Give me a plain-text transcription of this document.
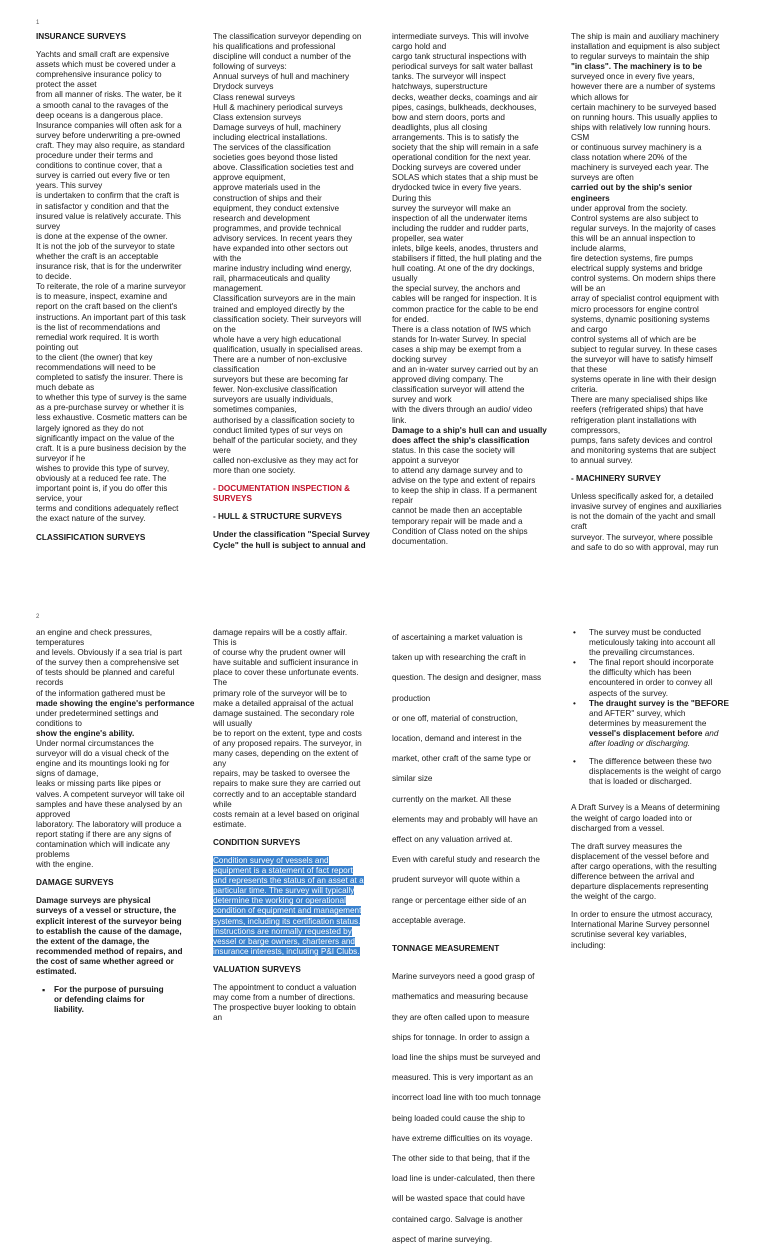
1

INSURANCE SURVEYS

Yachts and small craft are expensive
assets which must be covered under a
comprehensive insurance policy to
protect the asset
from all manner of risks. The water, be it
a smooth canal to the ravages of the
deep oceans is a dangerous place.
Insurance companies will often ask for a
survey before underwriting a pre-owned
craft. They may also require, as standard
procedure under their terms and
conditions to continue cover, that a
survey is carried out every five or ten
years. This survey
is undertaken to confirm that the craft is
in satisfactor y condition and that the
insured value is relatively accurate. This
survey
is done at the expense of the owner.
It is not the job of the surveyor to state
whether the craft is an acceptable
insurance risk, that is for the underwriter
to decide.
To reiterate, the role of a marine surveyor
is to measure, inspect, examine and
report on the craft based on the client's
instructions. An important part of this task
is the list of recommendations and
remedial work required. It is worth
pointing out
to the client (the owner) that key
recommendations will need to be
completed to satisfy the insurer. There is
much debate as
to whether this type of survey is the same
as a pre-purchase survey or whether it is
less exhaustive. Cosmetic matters can be
largely ignored as they do not
significantly impact on the value of the
craft. It is a pure business decision by the
surveyor if he
wishes to provide this type of survey,
obviously at a reduced fee rate. The
important point is, if you do offer this
service, your
terms and conditions adequately reflect
the exact nature of the survey.

CLASSIFICATION SURVEYS

The classification surveyor depending on
his qualifications and professional
discipline will conduct a number of the
following of surveys:
Annual surveys of hull and machinery
Drydock surveys
Class renewal surveys
Hull & machinery periodical surveys
Class extension surveys
Damage surveys of hull, machinery
including electrical installations.
The services of the classification
societies goes beyond those listed
above. Classification societies test and
approve equipment,
approve materials used in the
construction of ships and their
equipment, they conduct extensive
research and development
programmes, and provide technical
advisory services. In recent years they
have expanded into other sectors out
with the
marine industry including wind energy,
rail, pharmaceuticals and quality
management.
Classification surveyors are in the main
trained and employed directly by the
classification society. Their surveyors will
on the
whole have a very high educational
qualification, usually in specialised areas.
There are a number of non-exclusive
classification
surveyors but these are becoming far
fewer. Non-exclusive classification
surveyors are usually individuals,
sometimes companies,
authorised by a classification society to
conduct limited types of sur veys on
behalf of the particular society, and they
were
called non-exclusive as they may act for
more than one society.

- DOCUMENTATION INSPECTION &
SURVEYS

- HULL & STRUCTURE SURVEYS

Under the classification "Special Survey
Cycle" the hull is subject to annual and

intermediate surveys. This will involve
cargo hold and
cargo tank structural inspections with
periodical surveys for salt water ballast
tanks. The surveyor will inspect
hatchways, superstructure
decks, weather decks, coamings and air
pipes, casings, bulkheads, deckhouses,
bow and stern doors, ports and
deadlights, plus all closing
arrangements. This is to satisfy the
society that the ship will remain in a safe
operational condition for the next year.
Docking surveys are covered under
SOLAS which states that a ship must be
drydocked twice in every five years.
During this
survey the surveyor will make an
inspection of all the underwater items
including the rudder and rudder parts,
propeller, sea water
inlets, bilge keels, anodes, thrusters and
stabilisers if fitted, the hull plating and the
hull coating. At one of the dry dockings,
usually
the special survey, the anchors and
cables will be ranged for inspection. It is
common practice for the cable to be end
for ended.
There is a class notation of IWS which
stands for In-water Survey. In special
cases a ship may be exempt from a
docking survey
and an in-water survey carried out by an
approved diving company. The
classification surveyor will attend the
survey and work
with the divers through an audio/ video
link.

Damage to a ship's hull can and usually
does affect the ship's classification

status. In this case the society will
appoint a surveyor
to attend any damage survey and to
advise on the type and extent of repairs
to keep the ship in class. If a permanent
repair
cannot be made then an acceptable
temporary repair will be made and a
Condition of Class noted on the ships
documentation.

The ship is main and auxiliary machinery
installation and equipment is also subject
to regular surveys to maintain the ship

"in class". The machinery is to be

surveyed once in every five years,
however there are a number of systems
which allows for
certain machinery to be surveyed based
on running hours. This usually applies to
ships with relatively low running hours.
CSM
or continuous survey machinery is a
class notation where 20% of the
machinery is surveyed each year. The
surveys are often

carried out by the ship's senior engineers

under approval from the society.
Control systems are also subject to
regular surveys. In the majority of cases
this will be an annual inspection to
include alarms,
fire detection systems, fire pumps
electrical supply systems and bridge
control systems. On modern ships there
will be an
array of specialist control equipment with
micro processors for engine control
systems, dynamic positioning systems
and cargo
control systems all of which are be
subject to regular survey. In these cases
the surveyor will have to satisfy himself
that these
systems operate in line with their design
criteria.
There are many specialised ships like
reefers (refrigerated ships) that have
refrigeration plant installations with
compressors,
pumps, fans safety devices and control
and monitoring systems that are subject
to annual survey.

- MACHINERY SURVEY

Unless specifically asked for, a detailed
invasive survey of engines and auxiliaries
is not the domain of the yacht and small
craft
surveyor. The surveyor, where possible
and safe to do so with approval, may run

2

an engine and check pressures,
temperatures
and levels. Obviously if a sea trial is part
of the survey then a comprehensive set
of tests should be planned and careful
records
of the information gathered must be

made showing the engine's performance

under predetermined settings and
conditions to

show the engine's ability.

Under normal circumstances the
surveyor will do a visual check of the
engine and its mountings looki ng for
signs of damage,
leaks or missing parts like pipes or
valves. A competent surveyor will take oil
samples and have these analysed by an
approved
laboratory. The laboratory will produce a
report stating if there are any signs of
contamination which will indicate any
problems
with the engine.

DAMAGE SURVEYS

Damage surveys are physical
surveys of a vessel or structure, the
explicit interest of the surveyor being
to establish the cause of the damage,
the extent of the damage, the
recommended method of repairs, and
the cost of same whether agreed or
estimated.

▪ For the purpose of pursuing
or defending claims for
liability.

damage repairs will be a costly affair.
This is
of course why the prudent owner will
have suitable and sufficient insurance in
place to cover these unfortunate events.
The
primary role of the surveyor will be to
make a detailed appraisal of the actual
damage sustained. The secondary role
will usually
be to report on the extent, type and costs
of any proposed repairs. The surveyor, in
many cases, depending on the extent of
any
repairs, may be tasked to oversee the
repairs to make sure they are carried out
correctly and to an acceptable standard
while
costs remain at a level based on original
estimate.

CONDITION SURVEYS

Condition survey of vessels and
equipment is a statement of fact report
and represents the status of an asset at a
particular time. The survey will typically
determine the working or operational
condition of equipment and management
systems, including its certification status.
Instructions are normally requested by
vessel or barge owners, charterers and
insurance interests, including P&I Clubs.

VALUATION SURVEYS

The appointment to conduct a valuation
may come from a number of directions.
The prospective buyer looking to obtain
an

of ascertaining a market valuation is
taken up with researching the craft in
question. The design and designer, mass
production
or one off, material of construction,
location, demand and interest in the
market, other craft of the same type or
similar size
currently on the market. All these
elements may and probably will have an
effect on any valuation arrived at.
Even with careful study and research the
prudent surveyor will quote within a
range or percentage either side of an
acceptable average.

TONNAGE MEASUREMENT

Marine surveyors need a good grasp of
mathematics and measuring because
they are often called upon to measure
ships for tonnage. In order to assign a
load line the ships must be surveyed and
measured. This is very important as an
incorrect load line with too much tonnage
being loaded could cause the ship to
have extreme difficulties on its voyage.
The other side to that being, that if the
load line is under-calculated, then there
will be wasted space that could have
contained cargo. Salvage is another
aspect of marine surveying.

• The survey must be conducted
meticulously taking into account all
the prevailing circumstances.

• The final report should incorporate
the difficulty which has been
encountered in order to convey all
aspects of the survey.

• The draught survey is the "BEFORE
and AFTER" survey, which
determines by measurement the
vessel's displacement before and
after loading or discharging.

• The difference between these two
displacements is the weight of cargo
that is loaded or discharged.

A Draft Survey is a Means of determining
the weight of cargo loaded into or
discharged from a vessel.

The draft survey measures the
displacement of the vessel before and
after cargo operations, with the resulting
difference between the arrival and
departure displacements representing
the weight of the cargo.

In order to ensure the utmost accuracy,
International Marine Survey personnel
scrutinise several key variables,
including:
